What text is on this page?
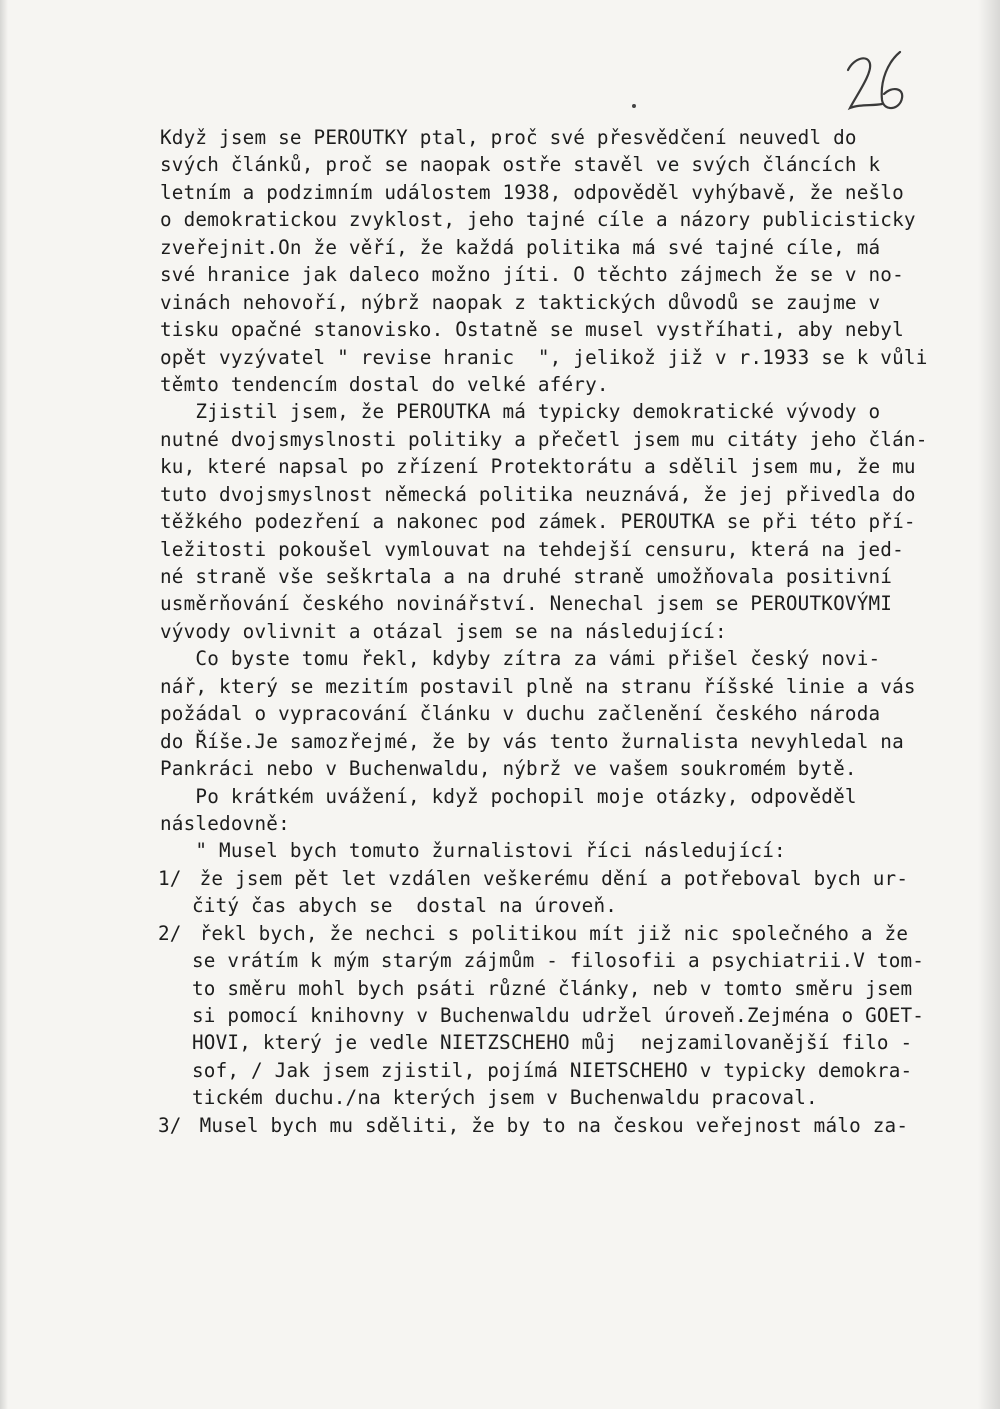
Když jsem se PEROUTKY ptal, proč své přesvědčení neuvedl do
svých článků, proč se naopak ostře stavěl ve svých článcích k
letním a podzimním událostem 1938, odpověděl vyhýbavě, že nešlo
o demokratickou zvyklost, jeho tajné cíle a názory publicisticky
zveřejnit.On že věří, že každá politika má své tajné cíle, má
své hranice jak daleco možno jíti. O těchto zájmech že se v no-
vinách nehovoří, nýbrž naopak z taktických důvodů se zaujme v
tisku opačné stanovisko. Ostatně se musel vystříhati, aby nebyl
opět vyzývatel " revise hranic  ", jelikož již v r.1933 se k vůli
těmto tendencím dostal do velké aféry.
Zjistil jsem, že PEROUTKA má typicky demokratické vývody o
nutné dvojsmyslnosti politiky a přečetl jsem mu citáty jeho člán-
ku, které napsal po zřízení Protektorátu a sdělil jsem mu, že mu
tuto dvojsmyslnost německá politika neuznává, že jej přivedla do
těžkého podezření a nakonec pod zámek. PEROUTKA se při této pří-
ležitosti pokoušel vymlouvat na tehdejší censuru, která na jed-
né straně vše seškrtala a na druhé straně umožňovala positivní
usměrňování českého novinářství. Nenechal jsem se PEROUTKOVÝMI
vývody ovlivnit a otázal jsem se na následující:
Co byste tomu řekl, kdyby zítra za vámi přišel český novi-
nář, který se mezitím postavil plně na stranu říšské linie a vás
požádal o vypracování článku v duchu začlenění českého národa
do Říše.Je samozřejmé, že by vás tento žurnalista nevyhledal na
Pankráci nebo v Buchenwaldu, nýbrž ve vašem soukromém bytě.
Po krátkém uvážení, když pochopil moje otázky, odpověděl
následovně:
" Musel bych tomuto žurnalistovi říci následující:
1/ že jsem pět let vzdálen veškerému dění a potřeboval bych ur-
čitý čas abych se  dostal na úroveň.
2/ řekl bych, že nechci s politikou mít již nic společného a že
se vrátím k mým starým zájmům - filosofii a psychiatrii.V tom-
to směru mohl bych psáti různé články, neb v tomto směru jsem
si pomocí knihovny v Buchenwaldu udržel úroveň.Zejména o GOET-
HOVI, který je vedle NIETZSCHEHO můj  nejzamilovanější filo -
sof, / Jak jsem zjistil, pojímá NIETSCHEHO v typicky demokra-
tickém duchu./na kterých jsem v Buchenwaldu pracoval.
3/ Musel bych mu sděliti, že by to na českou veřejnost málo za-
